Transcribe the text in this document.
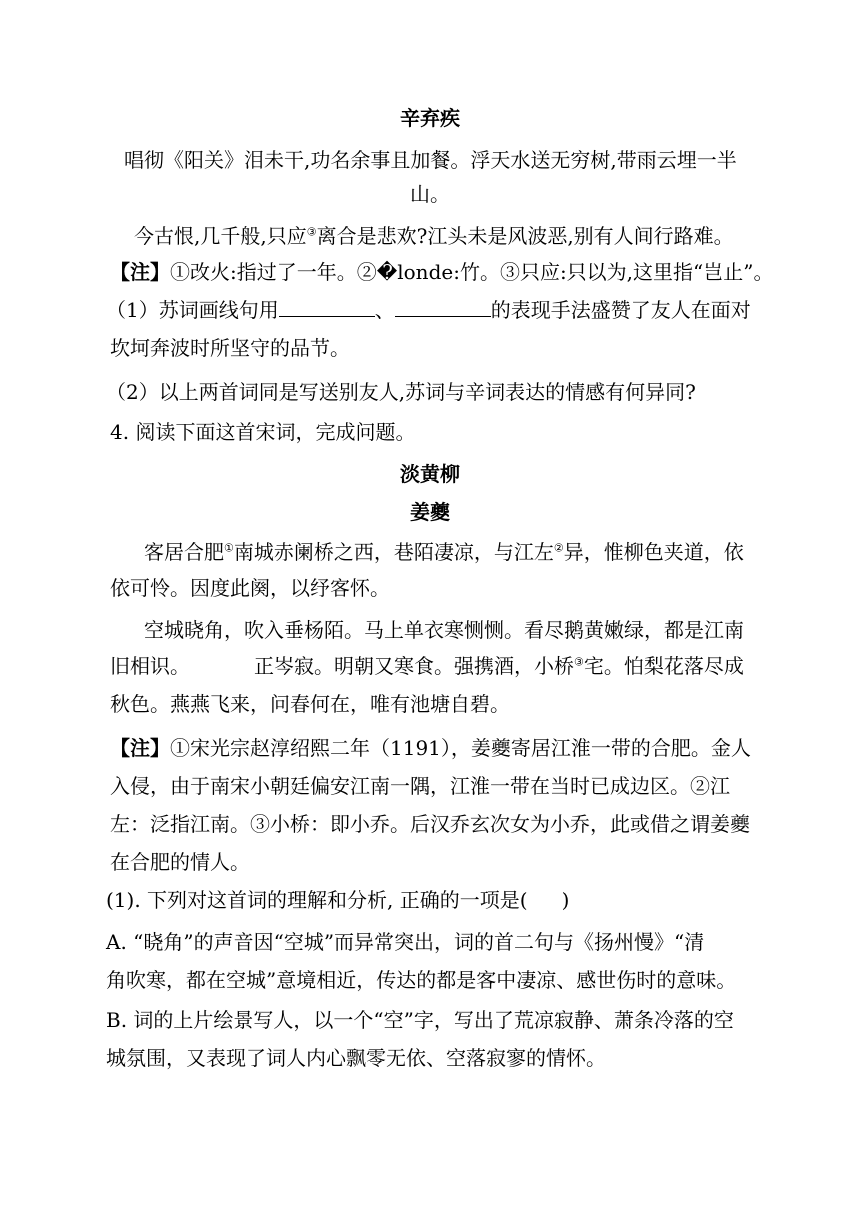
辛弃疾
唱彻《阳关》泪未干,功名余事且加餐。浮天水送无穷树,带雨云埋一半
山。
今古恨,几千般,只应③离合是悲欢?江头未是风波恶,别有人间行路难。
【注】①改火:指过了一年。②�londe:竹。③只应:只以为,这里指“岂止”。
（1）苏词画线句用	、	的表现手法盛赞了友人在面对
坎坷奔波时所坚守的品节。
（2）以上两首词同是写送别友人,苏词与辛词表达的情感有何异同?
4. 阅读下面这首宋词，完成问题。
淡黄柳
姜夔
客居合肥①南城赤阑桥之西，巷陌凄凉，与江左②异，惟柳色夹道，依
依可怜。因度此阕，以纾客怀。
空城晓角，吹入垂杨陌。马上单衣寒恻恻。看尽鹅黄嫩绿，都是江南
旧相识。	正岑寂。明朝又寒食。强携酒，小桥③宅。怕梨花落尽成
秋色。燕燕飞来，问春何在，唯有池塘自碧。
【注】①宋光宗赵淳绍熙二年（1191），姜夔寄居江淮一带的合肥。金人
入侵，由于南宋小朝廷偏安江南一隅，江淮一带在当时已成边区。②江
左：泛指江南。③小桥：即小乔。后汉乔玄次女为小乔，此或借之谓姜夔
在合肥的情人。
(1). 下列对这首词的理解和分析, 正确的一项是( )
A. “晓角”的声音因“空城”而异常突出，词的首二句与《扬州慢》“清
角吹寒，都在空城”意境相近，传达的都是客中凄凉、感世伤时的意味。
B. 词的上片绘景写人，以一个“空”字，写出了荒凉寂静、萧条冷落的空
城氛围，又表现了词人内心飘零无依、空落寂寥的情怀。
